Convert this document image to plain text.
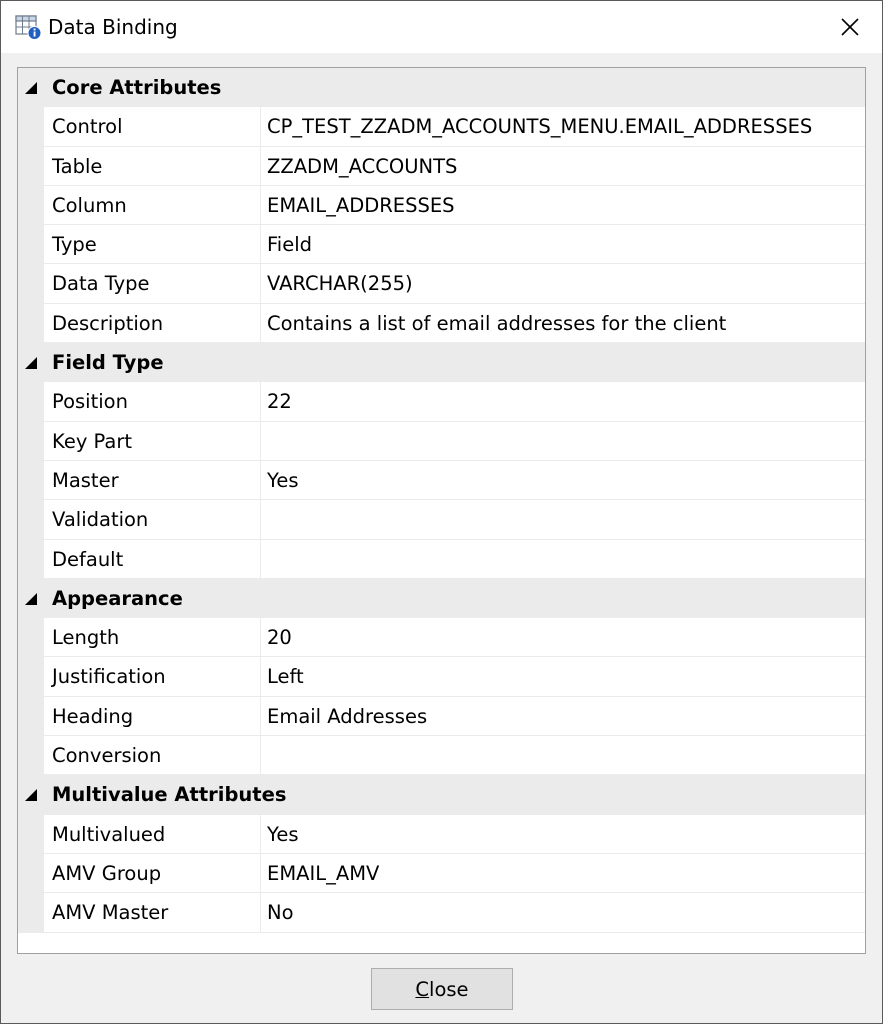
Data Binding
Core Attributes
Control	CP_TEST_ZZADM_ACCOUNTS_MENU.EMAIL_ADDRESSES
Table	ZZADM_ACCOUNTS
Column	EMAIL_ADDRESSES
Type	Field
Data Type	VARCHAR(255)
Description	Contains a list of email addresses for the client
Field Type
Position	22
Key Part
Master	Yes
Validation
Default
Appearance
Length	20
Justification	Left
Heading	Email Addresses
Conversion
Multivalue Attributes
Multivalued	Yes
AMV Group	EMAIL_AMV
AMV Master	No
C lose
